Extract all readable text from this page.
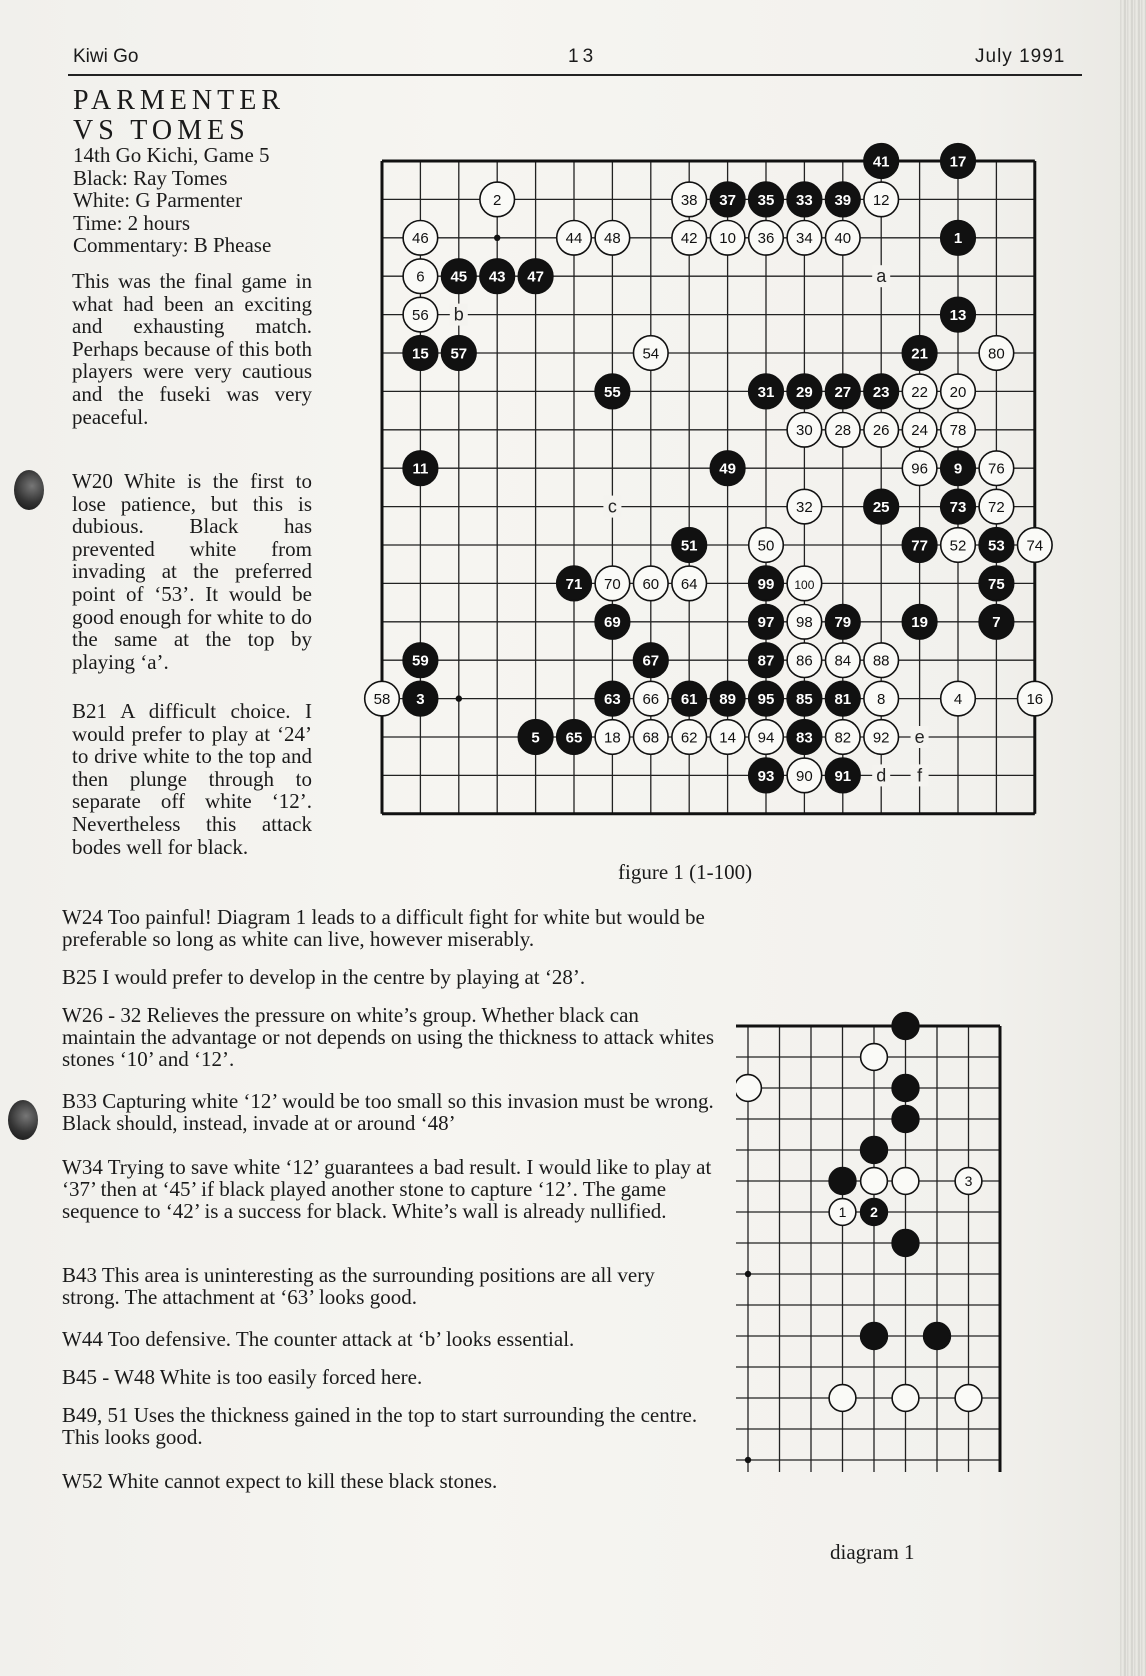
Kiwi Go	13	July 1991
PARMENTER
VS TOMES
14th Go Kichi, Game 5
Black: Ray Tomes
White: G Parmenter
Time: 2 hours
Commentary: B Phease
This was the final game in what had been an exciting and exhausting match. Perhaps because of this both players were very cautious and the fuseki was very peaceful.
W20 White is the first to lose patience, but this is dubious. Black has prevented white from invading at the preferred point of ‘53’. It would be good enough for white to do the same at the top by playing ‘a’.
B21 A difficult choice. I would prefer to play at ‘24’ to drive white to the top and then plunge through to separate off white ‘12’. Nevertheless this attack bodes well for black.
a
b
c
e
d f
41	17
37 35 33 39
1
45 43 47
13
15 57	21
55	31 29 27 23
11	49	9
25	73
51	77	53
71	99	75
69	97	79	19	7
59	67	87
3	63	61 89 95 85 81
5 65	83
93	91
2	38	12
46	44 48	42 10 36 34 40
6
56
54	80
22 20
30 28 26 24 78
96	76
32	72
50	52	74
70 60 64	100
98
86 84 88
58	66	8	4	16
18 68 62 14 94	82 92
90
figure 1 (1-100)
W24 Too painful! Diagram 1 leads to a difficult fight for white but would be preferable so long as white can live, however miserably.
B25 I would prefer to develop in the centre by playing at ‘28’.
W26 - 32 Relieves the pressure on white’s group. Whether black can maintain the advantage or not depends on using the thickness to attack whites stones ‘10’ and ‘12’.
B33 Capturing white ‘12’ would be too small so this invasion must be wrong. Black should, instead, invade at or around ‘48’
W34 Trying to save white ‘12’ guarantees a bad result. I would like to play at ‘37’ then at ‘45’ if black played another stone to capture ‘12’. The game sequence to ‘42’ is a success for black. White’s wall is already nullified.
B43 This area is uninteresting as the surrounding positions are all very strong. The attachment at ‘63’ looks good.
W44 Too defensive. The counter attack at ‘b’ looks essential.
B45 - W48 White is too easily forced here.
B49, 51 Uses the thickness gained in the top to start surrounding the centre. This looks good.
W52 White cannot expect to kill these black stones.
2
3
1
diagram 1
